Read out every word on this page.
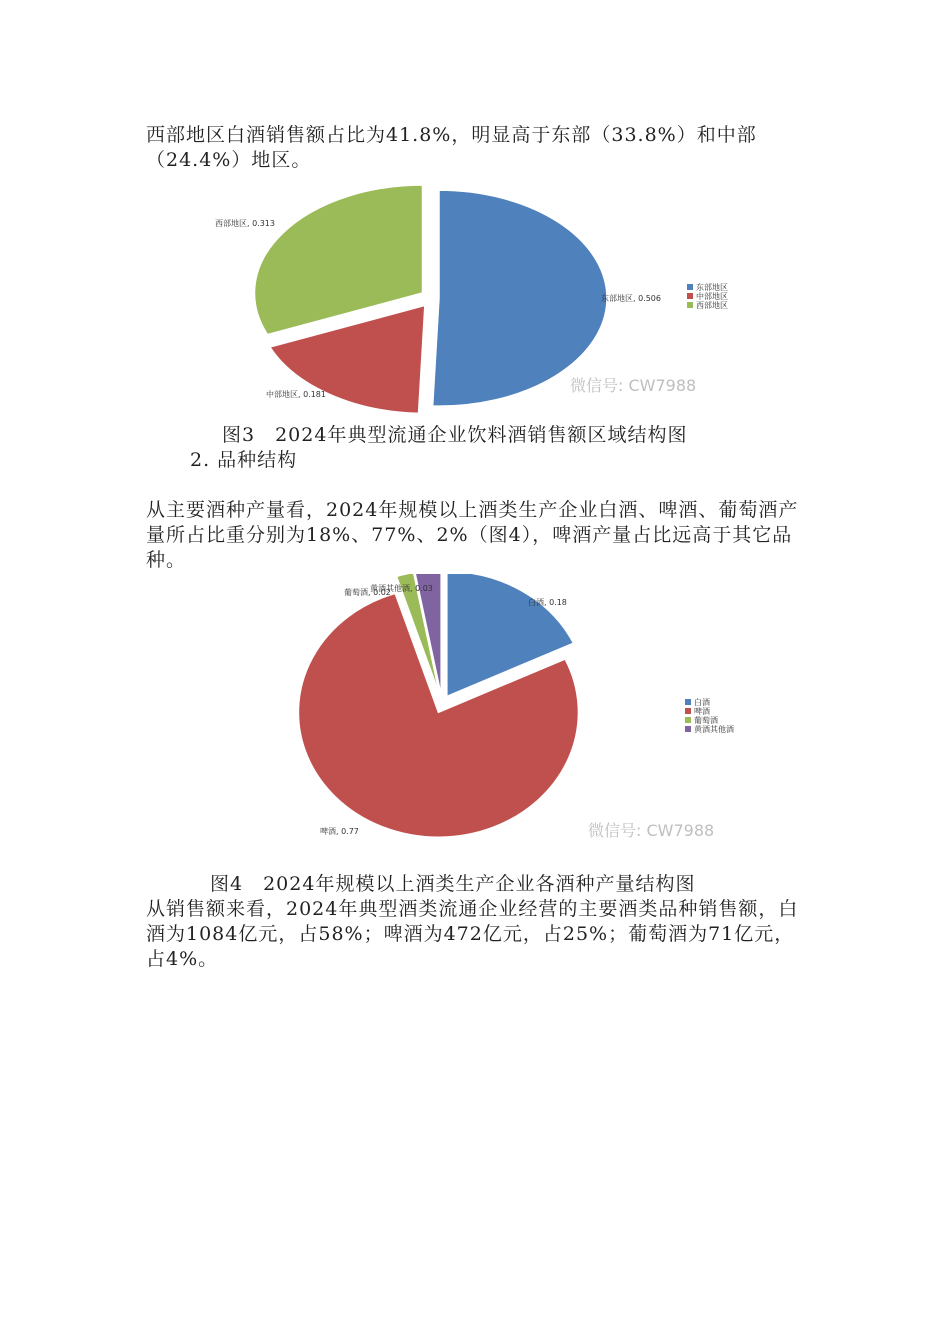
西部地区白酒销售额占比为41.8%，明显高于东部（33.8%）和中部（24.4%）地区。

东部地区, 0.506
中部地区, 0.181
西部地区, 0.313
东部地区
中部地区
西部地区
微信号: CW7988

图3　2024年典型流通企业饮料酒销售额区域结构图

2. 品种结构

从主要酒种产量看，2024年规模以上酒类生产企业白酒、啤酒、葡萄酒产量所占比重分别为18%、77%、2%（图4），啤酒产量占比远高于其它品种。

白酒, 0.18
啤酒, 0.77
葡萄酒, 0.02
黄酒其他酒, 0.03
白酒
啤酒
葡萄酒
黄酒其他酒
微信号: CW7988

图4　2024年规模以上酒类生产企业各酒种产量结构图

从销售额来看，2024年典型酒类流通企业经营的主要酒类品种销售额，白酒为1084亿元，占58%；啤酒为472亿元，占25%；葡萄酒为71亿元，占4%。
